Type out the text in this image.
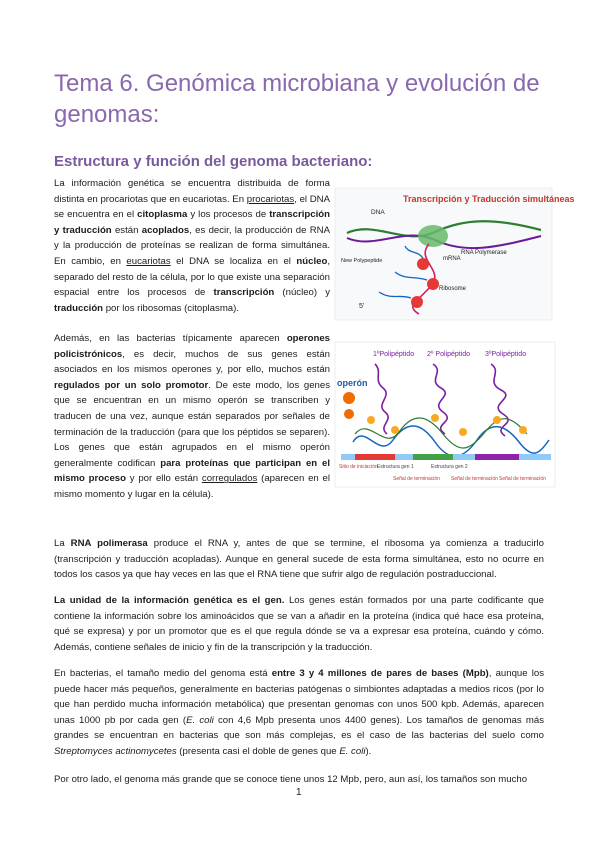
Tema 6. Genómica microbiana y evolución de genomas:
Estructura y función del genoma bacteriano:

La información genética se encuentra distribuida de forma distinta en procariotas que en eucariotas. En procariotas, el DNA se encuentra en el citoplasma y los procesos de transcripción y traducción están acoplados, es decir, la producción de RNA y la producción de proteínas se realizan de forma simultánea. En cambio, en eucariotas el DNA se localiza en el núcleo, separado del resto de la célula, por lo que existe una separación espacial entre los procesos de transcripción (núcleo) y traducción por los ribosomas (citoplasma).

Transcripción y Traducción simultáneas
DNA
New Polypeptide	mRNA
Ribosome
RNA Polymerase
5'

Además, en las bacterias típicamente aparecen operones policistrónicos, es decir, muchos de sus genes están asociados en los mismos operones y, por ello, muchos están regulados por un solo promotor. De este modo, los genes que se encuentran en un mismo operón se transcriben y traducen de una vez, aunque están separados por señales de terminación de la traducción (para que los péptidos se separen). Los genes que están agrupados en el mismo operón generalmente codifican para proteínas que participan en el mismo proceso y por ello están corregulados (aparecen en el mismo momento y lugar en la célula).

1ºPolipéptido 2º Polipéptido 3ºPolipéptido
operón
Sitio de iniciación Estructura gen 1	Estructura gen 2
Señal de terminación Señal de terminación Señal de terminación

La RNA polimerasa produce el RNA y, antes de que se termine, el ribosoma ya comienza a traducirlo (transcripción y traducción acopladas). Aunque en general sucede de esta forma simultánea, esto no ocurre en todos los casos ya que hay veces en las que el RNA tiene que sufrir algo de regulación postraduccional.

La unidad de la información genética es el gen. Los genes están formados por una parte codificante que contiene la información sobre los aminoácidos que se van a añadir en la proteína (indica qué hace esa proteína, qué se expresa) y por un promotor que es el que regula dónde se va a expresar esa proteína, cuándo y cómo. Además, contiene señales de inicio y fin de la transcripción y la traducción.

En bacterias, el tamaño medio del genoma está entre 3 y 4 millones de pares de bases (Mpb), aunque los puede hacer más pequeños, generalmente en bacterias patógenas o simbiontes adaptadas a medios ricos (por lo que han perdido mucha información metabólica) que presentan genomas con unos 500 kpb. Además, aparecen unas 1000 pb por cada gen (E. coli con 4,6 Mpb presenta unos 4400 genes). Los tamaños de genomas más grandes se encuentran en bacterias que son más complejas, es el caso de las bacterias del suelo como Streptomyces actinomycetes (presenta casi el doble de genes que E. coli).

Por otro lado, el genoma más grande que se conoce tiene unos 12 Mpb, pero, aun así, los tamaños son mucho

1
